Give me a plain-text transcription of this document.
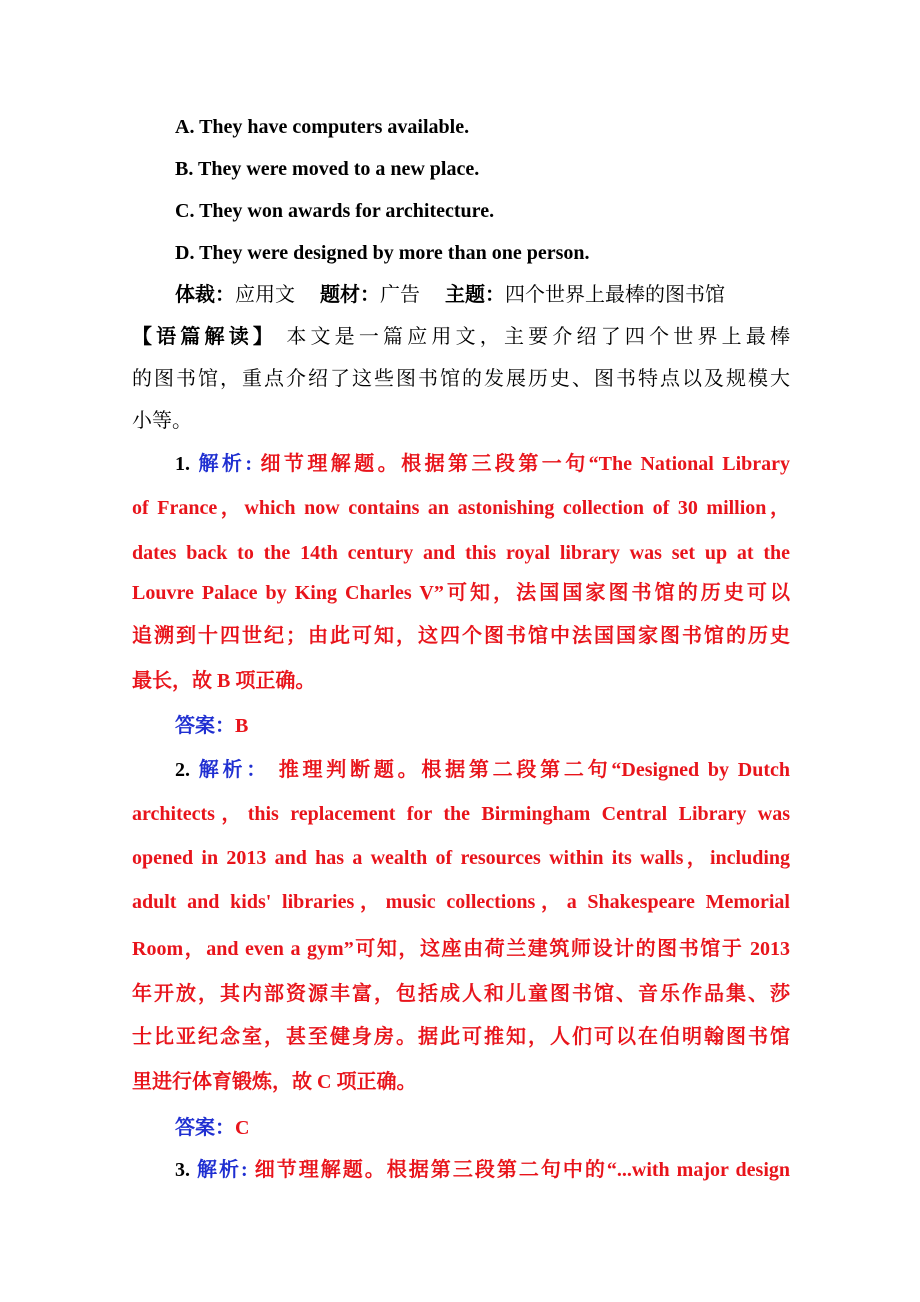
A. They have computers available.
B. They were moved to a new place.
C. They won awards for architecture.
D. They were designed by more than one person.
体裁：应用文 题材：广告 主题：四个世界上最棒的图书馆
【语篇解读】 本文是一篇应用文，主要介绍了四个世界上最棒
的图书馆，重点介绍了这些图书馆的发展历史、图书特点以及规模大
小等。
1. 解析: 细节理解题。根据第三段第一句“The National Library
of France，which now contains an astonishing collection of 30 million，
dates back to the 14th century and this royal library was set up at the
Louvre Palace by King Charles V”可知，法国国家图书馆的历史可以
追溯到十四世纪；由此可知，这四个图书馆中法国国家图书馆的历史
最长，故 B 项正确。
答案：B
2. 解析： 推理判断题。根据第二段第二句“Designed by Dutch
architects，this replacement for the Birmingham Central Library was
opened in 2013 and has a wealth of resources within its walls，including
adult and kids' libraries，music collections，a Shakespeare Memorial
Room，and even a gym”可知，这座由荷兰建筑师设计的图书馆于 2013
年开放，其内部资源丰富，包括成人和儿童图书馆、音乐作品集、莎
士比亚纪念室，甚至健身房。据此可推知，人们可以在伯明翰图书馆
里进行体育锻炼，故 C 项正确。
答案：C
3. 解析: 细节理解题。根据第三段第二句中的“...with major design
